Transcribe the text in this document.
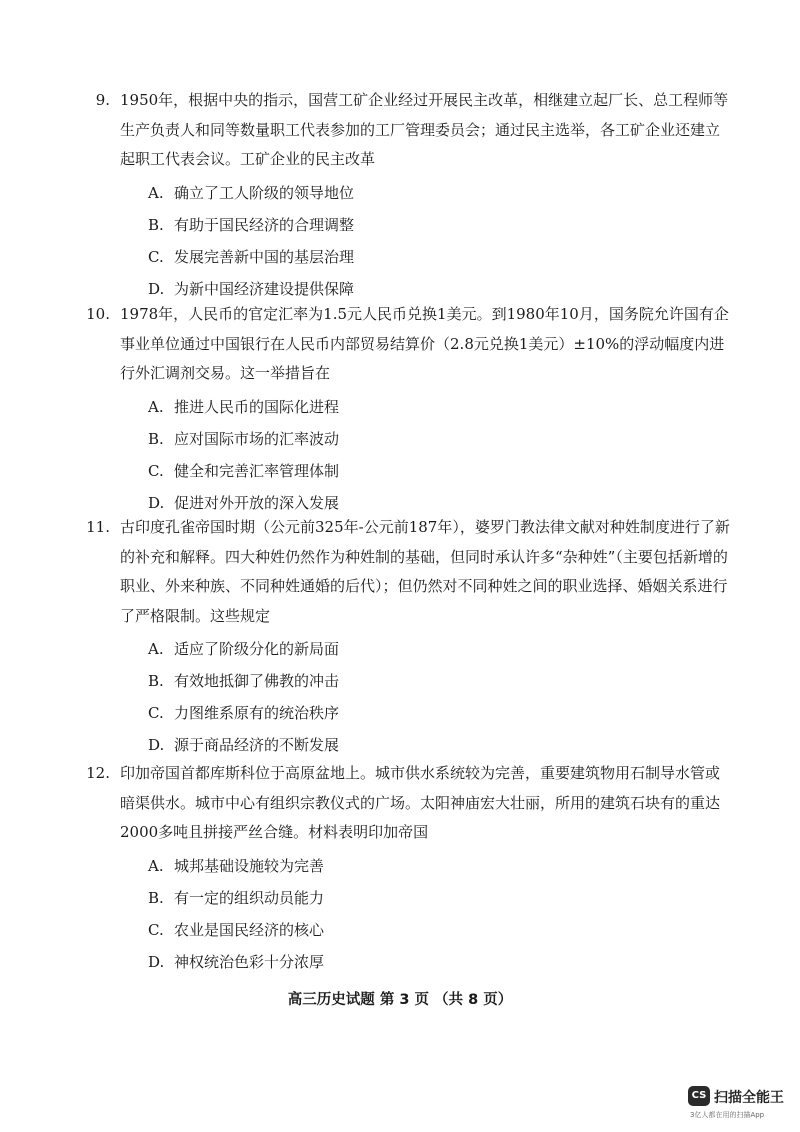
9. 1950年，根据中央的指示，国营工矿企业经过开展民主改革，相继建立起厂长、总工程师等生产负责人和同等数量职工代表参加的工厂管理委员会；通过民主选举，各工矿企业还建立起职工代表会议。工矿企业的民主改革

A. 确立了工人阶级的领导地位
B. 有助于国民经济的合理调整
C. 发展完善新中国的基层治理
D. 为新中国经济建设提供保障
10. 1978年，人民币的官定汇率为1.5元人民币兑换1美元。到1980年10月，国务院允许国有企事业单位通过中国银行在人民币内部贸易结算价（2.8元兑换1美元）±10%的浮动幅度内进行外汇调剂交易。这一举措旨在

A. 推进人民币的国际化进程
B. 应对国际市场的汇率波动
C. 健全和完善汇率管理体制
D. 促进对外开放的深入发展
11. 古印度孔雀帝国时期（公元前325年-公元前187年），婆罗门教法律文献对种姓制度进行了新的补充和解释。四大种姓仍然作为种姓制的基础，但同时承认许多“杂种姓”（主要包括新增的职业、外来种族、不同种姓通婚的后代）；但仍然对不同种姓之间的职业选择、婚姻关系进行了严格限制。这些规定

A. 适应了阶级分化的新局面
B. 有效地抵御了佛教的冲击
C. 力图维系原有的统治秩序
D. 源于商品经济的不断发展
12. 印加帝国首都库斯科位于高原盆地上。城市供水系统较为完善，重要建筑物用石制导水管或暗渠供水。城市中心有组织宗教仪式的广场。太阳神庙宏大壮丽，所用的建筑石块有的重达2000多吨且拼接严丝合缝。材料表明印加帝国

A. 城邦基础设施较为完善
B. 有一定的组织动员能力
C. 农业是国民经济的核心
D. 神权统治色彩十分浓厚
高三历史试题 第 3 页 （共 8 页）
CS 扫描全能王
3亿人都在用的扫描App
